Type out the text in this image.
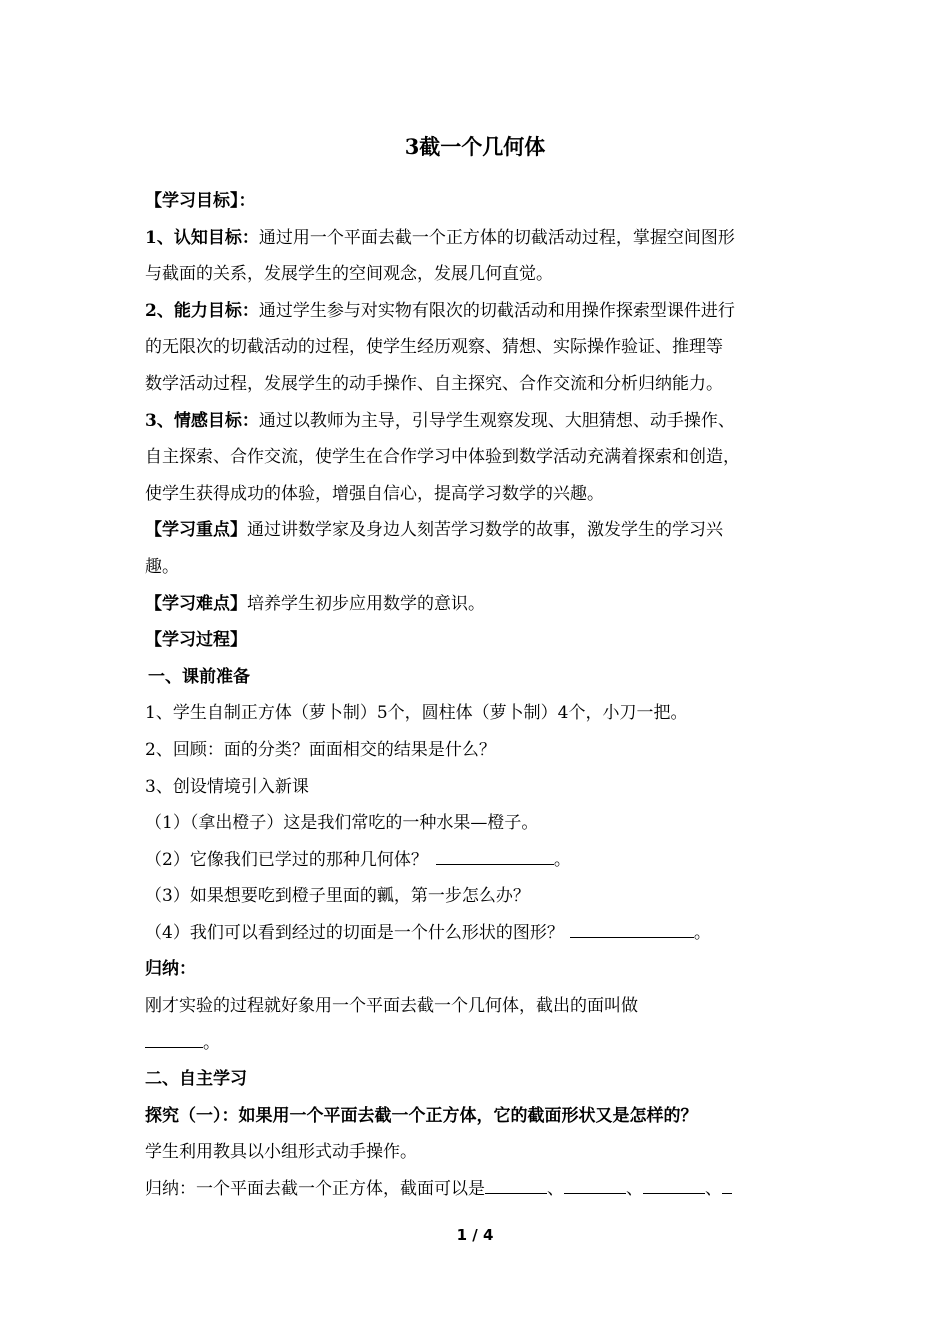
3截一个几何体
【学习目标】：
1、认知目标：通过用一个平面去截一个正方体的切截活动过程，掌握空间图形
与截面的关系，发展学生的空间观念，发展几何直觉。
2、能力目标：通过学生参与对实物有限次的切截活动和用操作探索型课件进行
的无限次的切截活动的过程，使学生经历观察、猜想、实际操作验证、推理等
数学活动过程，发展学生的动手操作、自主探究、合作交流和分析归纳能力。
3、情感目标：通过以教师为主导，引导学生观察发现、大胆猜想、动手操作、
自主探索、合作交流，使学生在合作学习中体验到数学活动充满着探索和创造，
使学生获得成功的体验，增强自信心，提高学习数学的兴趣。
【学习重点】通过讲数学家及身边人刻苦学习数学的故事，激发学生的学习兴
趣。
【学习难点】培养学生初步应用数学的意识。
【学习过程】
一、课前准备
1、学生自制正方体（萝卜制）5个，圆柱体（萝卜制）4个，小刀一把。
2、回顾：面的分类？面面相交的结果是什么？
3、创设情境引入新课
（1）（拿出橙子）这是我们常吃的一种水果—橙子。
（2）它像我们已学过的那种几何体？	。
（3）如果想要吃到橙子里面的瓤，第一步怎么办？
（4）我们可以看到经过的切面是一个什么形状的图形？	。
归纳：
刚才实验的过程就好象用一个平面去截一个几何体，截出的面叫做
。
二、自主学习
探究（一）：如果用一个平面去截一个正方体，它的截面形状又是怎样的？
学生利用教具以小组形式动手操作。
归纳：一个平面去截一个正方体，截面可以是	、	、	、
1 / 4
